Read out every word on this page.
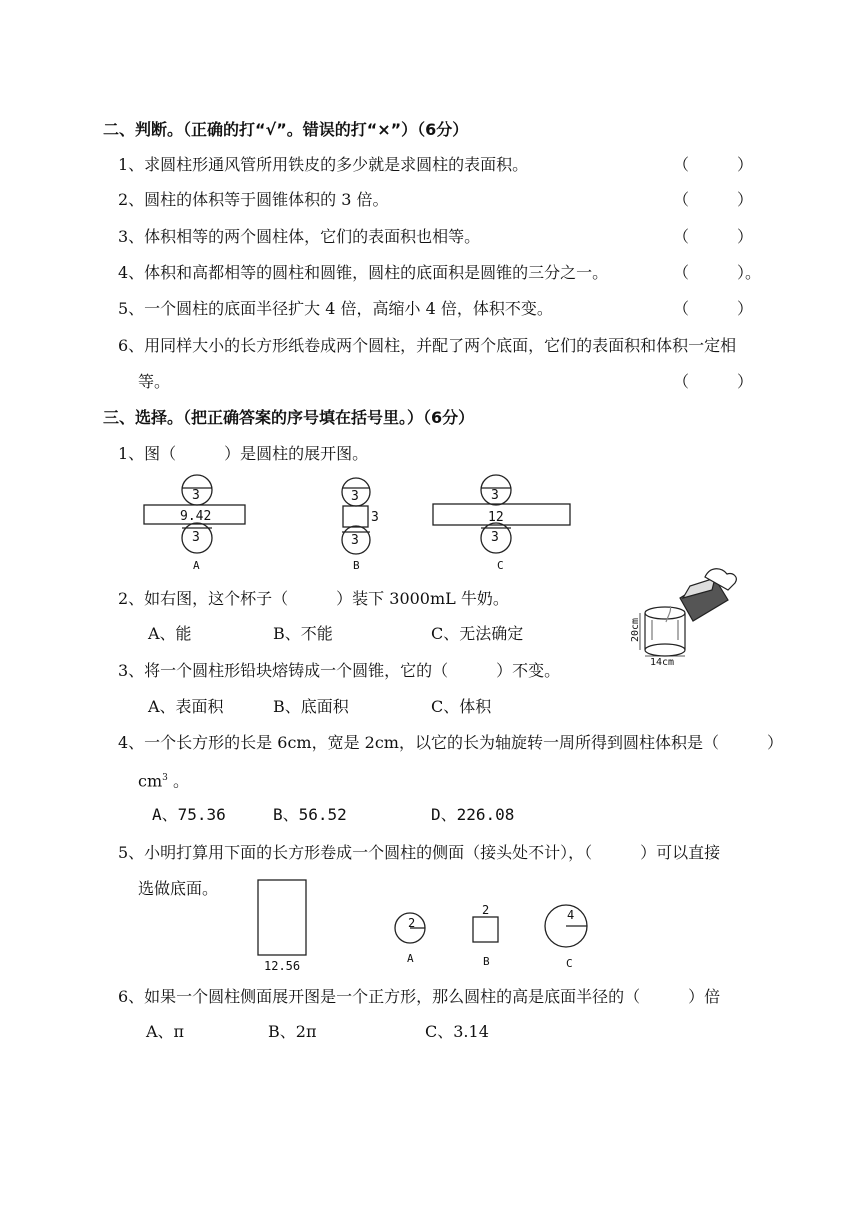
二、判断。（正确的打“√”。错误的打“×”）（6分）
1、求圆柱形通风管所用铁皮的多少就是求圆柱的表面积。	（　　　）
2、圆柱的体积等于圆锥体积的 3 倍。	（　　　）
3、体积相等的两个圆柱体，它们的表面积也相等。	（　　　）
4、体积和高都相等的圆柱和圆锥，圆柱的底面积是圆锥的三分之一。	（　　　）。
5、一个圆柱的底面半径扩大 4 倍，高缩小 4 倍，体积不变。	（　　　）
6、用同样大小的长方形纸卷成两个圆柱，并配了两个底面，它们的表面积和体积一定相
等。	（　　　）
三、选择。（把正确答案的序号填在括号里。）（6分）
1、图（　　　）是圆柱的展开图。
3
9.42
3
A
3
3
3
B
3
12
3
C
20cm
14cm
12.56
2
A
2
B
4
C
2、如右图，这个杯子（　　　）装下 3000mL 牛奶。
A、能	B、不能	C、无法确定
3、将一个圆柱形铅块熔铸成一个圆锥，它的（　　　）不变。
A、表面积	B、底面积	C、体积
4、一个长方形的长是 6cm，宽是 2cm，以它的长为轴旋转一周所得到圆柱体积是（　　　）
$cm^3$ 。
A、75.36	B、56.52	D、226.08
5、小明打算用下面的长方形卷成一个圆柱的侧面（接头处不计），（　　　）可以直接
选做底面。
6、如果一个圆柱侧面展开图是一个正方形，那么圆柱的高是底面半径的（　　　）倍
A、π	B、2π	C、3.14
